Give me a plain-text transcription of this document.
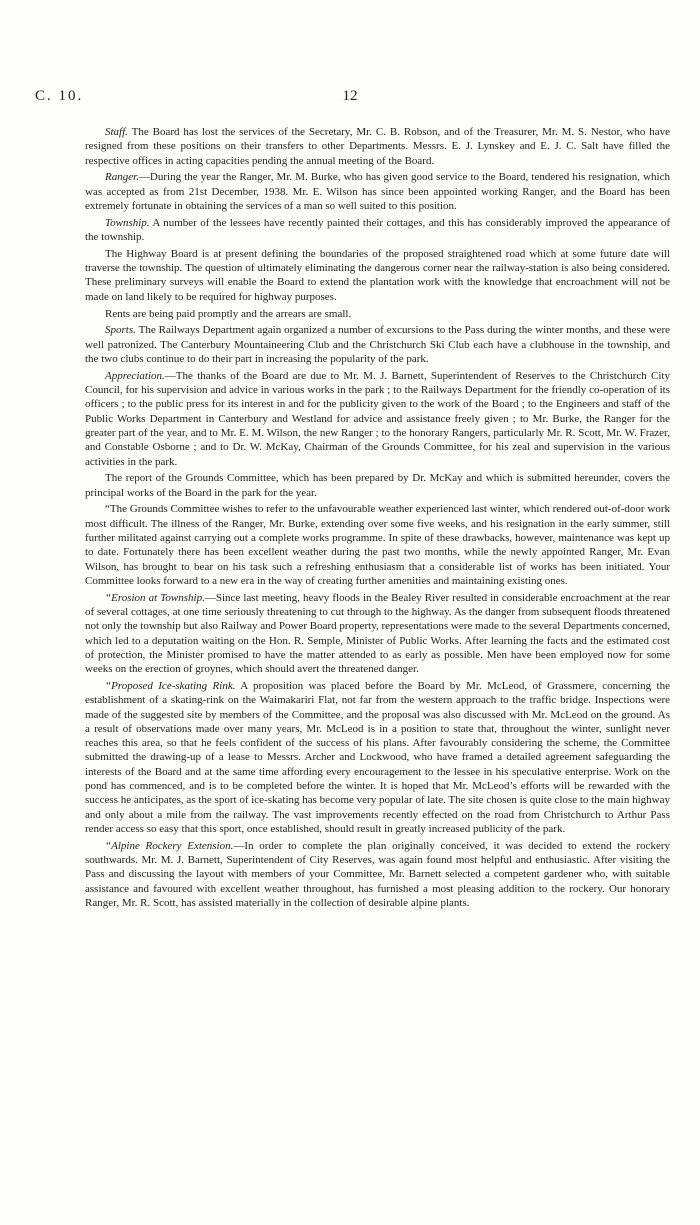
C. 10.	12

Staff. The Board has lost the services of the Secretary, Mr. C. B. Robson, and of the Treasurer, Mr. M. S. Nestor, who have resigned from these positions on their transfers to other Departments. Messrs. E. J. Lynskey and E. J. C. Salt have filled the respective offices in acting capacities pending the annual meeting of the Board.

Ranger.—During the year the Ranger, Mr. M. Burke, who has given good service to the Board, tendered his resignation, which was accepted as from 21st December, 1938. Mr. E. Wilson has since been appointed working Ranger, and the Board has been extremely fortunate in obtaining the services of a man so well suited to this position.

Township. A number of the lessees have recently painted their cottages, and this has considerably improved the appearance of the township.

The Highway Board is at present defining the boundaries of the proposed straightened road which at some future date will traverse the township. The question of ultimately eliminating the dangerous corner near the railway-station is also being considered. These preliminary surveys will enable the Board to extend the plantation work with the knowledge that encroachment will not be made on land likely to be required for highway purposes.

Rents are being paid promptly and the arrears are small.

Sports. The Railways Department again organized a number of excursions to the Pass during the winter months, and these were well patronized. The Canterbury Mountaineering Club and the Christchurch Ski Club each have a clubhouse in the township, and the two clubs continue to do their part in increasing the popularity of the park.

Appreciation.—The thanks of the Board are due to Mr. M. J. Barnett, Superintendent of Reserves to the Christchurch City Council, for his supervision and advice in various works in the park ; to the Railways Department for the friendly co-operation of its officers ; to the public press for its interest in and for the publicity given to the work of the Board ; to the Engineers and staff of the Public Works Department in Canterbury and Westland for advice and assistance freely given ; to Mr. Burke, the Ranger for the greater part of the year, and to Mr. E. M. Wilson, the new Ranger ; to the honorary Rangers, particularly Mr. R. Scott, Mr. W. Frazer, and Constable Osborne ; and to Dr. W. McKay, Chairman of the Grounds Committee, for his zeal and supervision in the various activities in the park.

The report of the Grounds Committee, which has been prepared by Dr. McKay and which is submitted hereunder, covers the principal works of the Board in the park for the year.

“The Grounds Committee wishes to refer to the unfavourable weather experienced last winter, which rendered out-of-door work most difficult. The illness of the Ranger, Mr. Burke, extending over some five weeks, and his resignation in the early summer, still further militated against carrying out a complete works programme. In spite of these drawbacks, however, maintenance was kept up to date. Fortunately there has been excellent weather during the past two months, while the newly appointed Ranger, Mr. Evan Wilson, has brought to bear on his task such a refreshing enthusiasm that a considerable list of works has been initiated. Your Committee looks forward to a new era in the way of creating further amenities and maintaining existing ones.

“Erosion at Township.—Since last meeting, heavy floods in the Bealey River resulted in considerable encroachment at the rear of several cottages, at one time seriously threatening to cut through to the highway. As the danger from subsequent floods threatened not only the township but also Railway and Power Board property, representations were made to the several Departments concerned, which led to a deputation waiting on the Hon. R. Semple, Minister of Public Works. After learning the facts and the estimated cost of protection, the Minister promised to have the matter attended to as early as possible. Men have been employed now for some weeks on the erection of groynes, which should avert the threatened danger.

“Proposed Ice-skating Rink. A proposition was placed before the Board by Mr. McLeod, of Grassmere, concerning the establishment of a skating-rink on the Waimakariri Flat, not far from the western approach to the traffic bridge. Inspections were made of the suggested site by members of the Committee, and the proposal was also discussed with Mr. McLeod on the ground. As a result of observations made over many years, Mr. McLeod is in a position to state that, throughout the winter, sunlight never reaches this area, so that he feels confident of the success of his plans. After favourably considering the scheme, the Committee submitted the drawing-up of a lease to Messrs. Archer and Lockwood, who have framed a detailed agreement safeguarding the interests of the Board and at the same time affording every encouragement to the lessee in his speculative enterprise. Work on the pond has commenced, and is to be completed before the winter. It is hoped that Mr. McLeod’s efforts will be rewarded with the success he anticipates, as the sport of ice-skating has become very popular of late. The site chosen is quite close to the main highway and only about a mile from the railway. The vast improvements recently effected on the road from Christchurch to Arthur Pass render access so easy that this sport, once established, should result in greatly increased publicity of the park.

“Alpine Rockery Extension.—In order to complete the plan originally conceived, it was decided to extend the rockery southwards. Mr. M. J. Barnett, Superintendent of City Reserves, was again found most helpful and enthusiastic. After visiting the Pass and discussing the layout with members of your Committee, Mr. Barnett selected a competent gardener who, with suitable assistance and favoured with excellent weather throughout, has furnished a most pleasing addition to the rockery. Our honorary Ranger, Mr. R. Scott, has assisted materially in the collection of desirable alpine plants.
